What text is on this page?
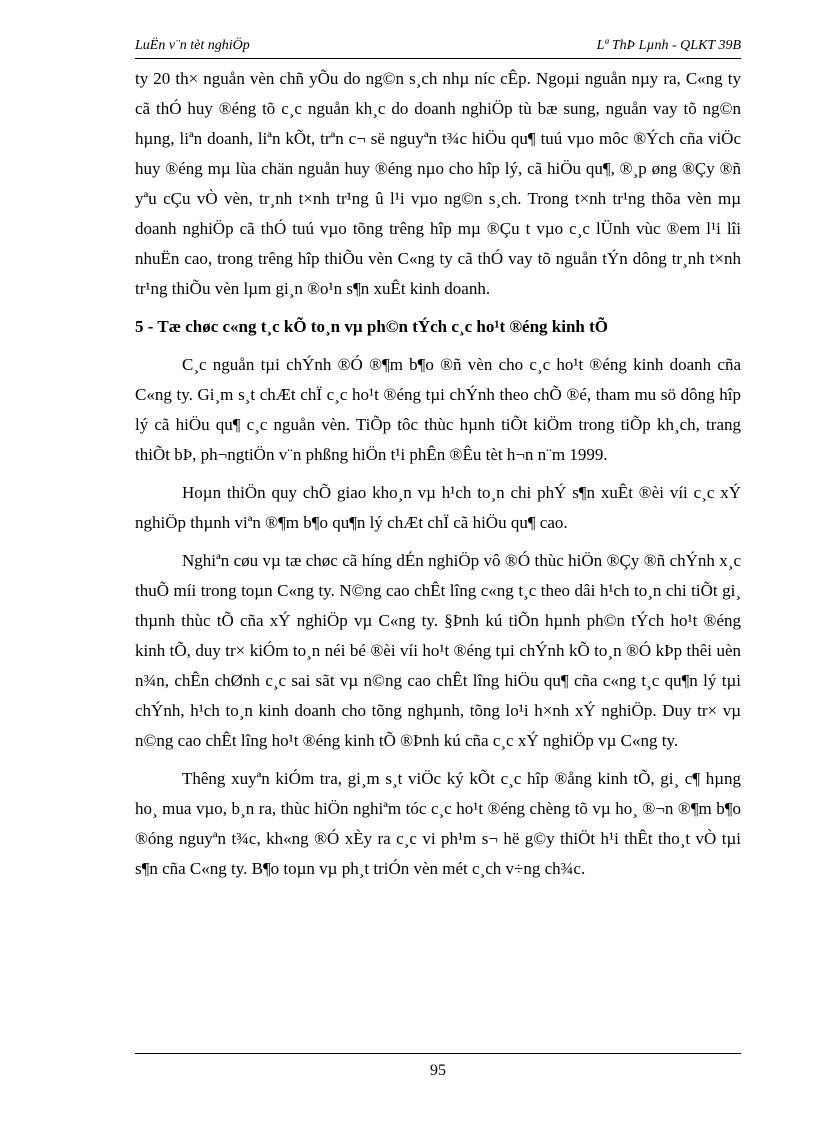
LuËn v¨n tèt nghiÖp	Lª ThÞ Lµnh - QLKT 39B

ty 20 th× nguån vèn chñ yÕu do ng©n s¸ch nhµ níc cÊp. Ngoµi nguån nµy ra, C«ng ty cã thÓ huy ®éng tõ c¸c nguån kh¸c do doanh nghiÖp tù bæ sung, nguån vay tõ ng©n hµng, liªn doanh, liªn kÕt, trªn c¬ së nguyªn t¾c hiÖu qu¶ tuú vµo môc ®Ých cña viÖc huy ®éng mµ lùa chän nguån huy ®éng nµo cho hîp lý, cã hiÖu qu¶, ®¸p øng ®Çy ®ñ yªu cÇu vÒ vèn, tr¸nh t×nh tr¹ng û l¹i vµo ng©n s¸ch. Trong t×nh tr¹ng thõa vèn mµ doanh nghiÖp cã thÓ tuú vµo tõng trêng hîp mµ ®Çu t vµo c¸c lÜnh vùc ®em l¹i lîi nhuËn cao, trong trêng hîp thiÕu vèn C«ng ty cã thÓ vay tõ nguån tÝn dông tr¸nh t×nh tr¹ng thiÕu vèn lµm gi¸n ®o¹n s¶n xuÊt kinh doanh.

5 - Tæ chøc c«ng t¸c kÕ to¸n vµ ph©n tÝch c¸c ho¹t ®éng kinh tÕ

C¸c nguån tµi chÝnh ®Ó ®¶m b¶o ®ñ vèn cho c¸c ho¹t ®éng kinh doanh cña C«ng ty. Gi¸m s¸t chÆt chÏ c¸c ho¹t ®éng tµi chÝnh theo chÕ ®é, tham mu sö dông hîp lý cã hiÖu qu¶ c¸c nguån vèn. TiÕp tôc thùc hµnh tiÕt kiÖm trong tiÕp kh¸ch, trang thiÕt bÞ, ph¬ngtiÖn v¨n phßng hiÖn t¹i phÊn ®Êu tèt h¬n n¨m 1999.

Hoµn thiÖn quy chÕ giao kho¸n vµ h¹ch to¸n chi phÝ s¶n xuÊt ®èi víi c¸c xÝ nghiÖp thµnh viªn ®¶m b¶o qu¶n lý chÆt chÏ cã hiÖu qu¶ cao.

Nghiªn cøu vµ tæ chøc cã híng dÉn nghiÖp vô ®Ó thùc hiÖn ®Çy ®ñ chÝnh x¸c thuÕ míi trong toµn C«ng ty. N©ng cao chÊt lîng c«ng t¸c theo dâi h¹ch to¸n chi tiÕt gi¸ thµnh thùc tÕ cña xÝ nghiÖp vµ C«ng ty. §Þnh kú tiÕn hµnh ph©n tÝch ho¹t ®éng kinh tÕ, duy tr× kiÓm to¸n néi bé ®èi víi ho¹t ®éng tµi chÝnh kÕ to¸n ®Ó kÞp thêi uèn n¾n, chÊn chØnh c¸c sai sãt vµ n©ng cao chÊt lîng hiÖu qu¶ cña c«ng t¸c qu¶n lý tµi chÝnh, h¹ch to¸n kinh doanh cho tõng nghµnh, tõng lo¹i h×nh xÝ nghiÖp. Duy tr× vµ n©ng cao chÊt lîng ho¹t ®éng kinh tÕ ®Þnh kú cña c¸c xÝ nghiÖp vµ C«ng ty.

Thêng xuyªn kiÓm tra, gi¸m s¸t viÖc ký kÕt c¸c hîp ®ång kinh tÕ, gi¸ c¶ hµng ho¸ mua vµo, b¸n ra, thùc hiÖn nghiªm tóc c¸c ho¹t ®éng chèng tõ vµ ho¸ ®¬n ®¶m b¶o ®óng nguyªn t¾c, kh«ng ®Ó xÈy ra c¸c vi ph¹m s¬ hë g©y thiÖt h¹i thÊt tho¸t vÒ tµi s¶n cña C«ng ty. B¶o toµn vµ ph¸t triÓn vèn mét c¸ch v÷ng ch¾c.

95
